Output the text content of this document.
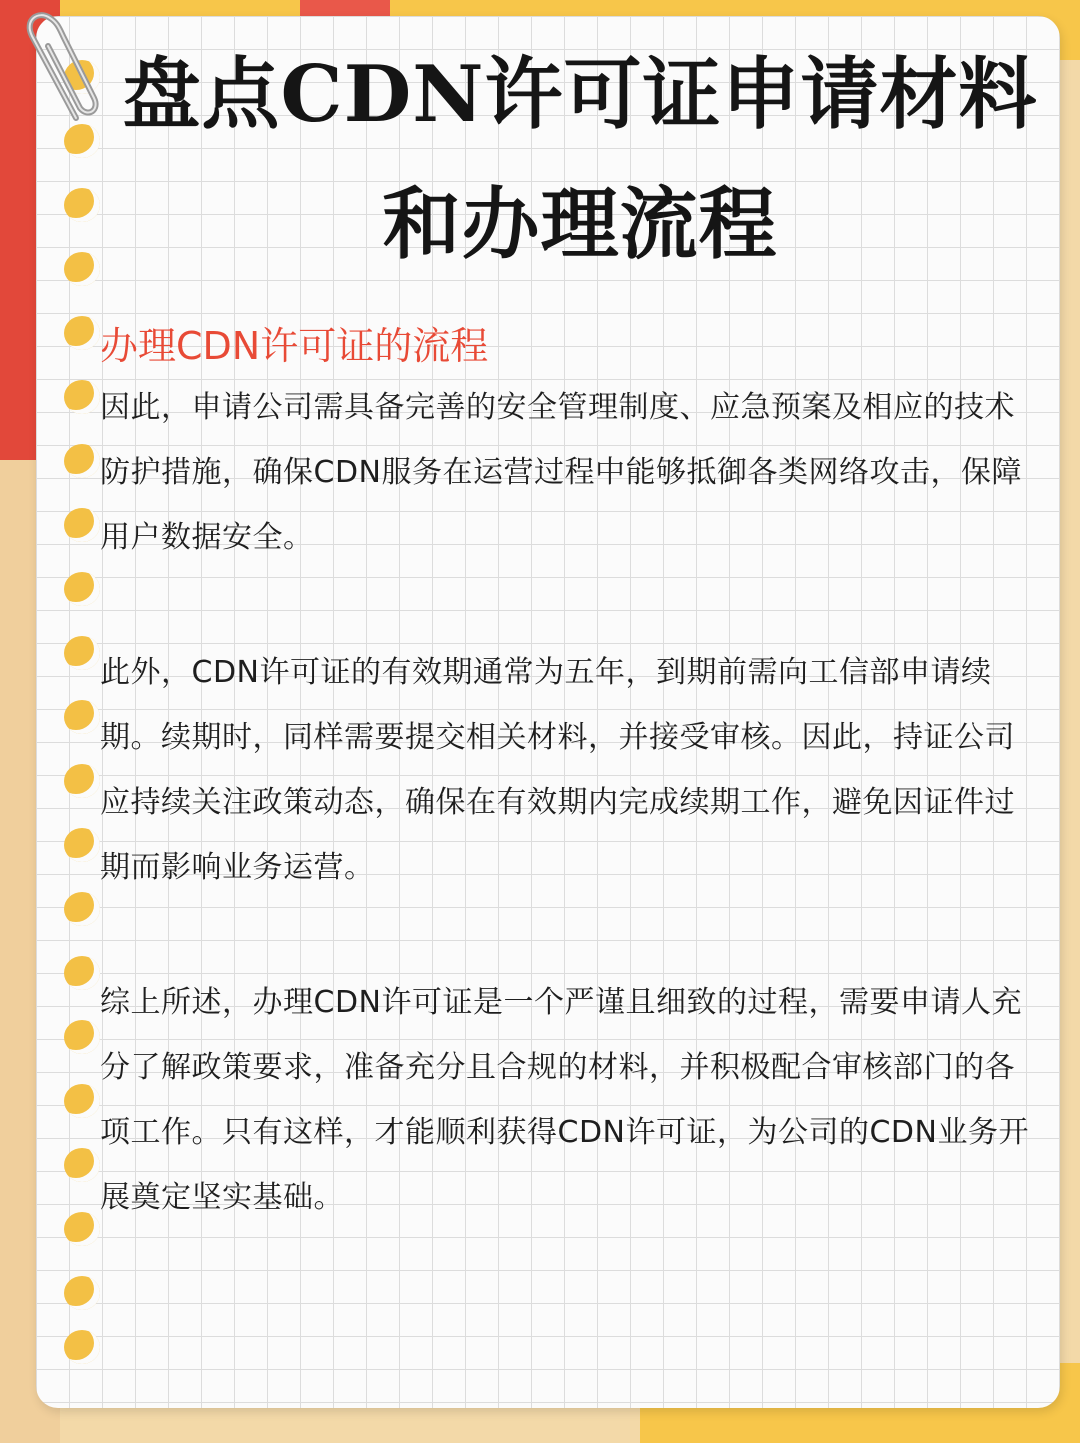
盘点CDN许可证申请材料
和办理流程
办理CDN许可证的流程
因此，申请公司需具备完善的安全管理制度、应急预案及相应的技术防护措施，确保CDN服务在运营过程中能够抵御各类网络攻击，保障用户数据安全。
此外，CDN许可证的有效期通常为五年，到期前需向工信部申请续期。续期时，同样需要提交相关材料，并接受审核。因此，持证公司应持续关注政策动态，确保在有效期内完成续期工作，避免因证件过期而影响业务运营。
综上所述，办理CDN许可证是一个严谨且细致的过程，需要申请人充分了解政策要求，准备充分且合规的材料，并积极配合审核部门的各项工作。只有这样，才能顺利获得CDN许可证，为公司的CDN业务开展奠定坚实基础。
